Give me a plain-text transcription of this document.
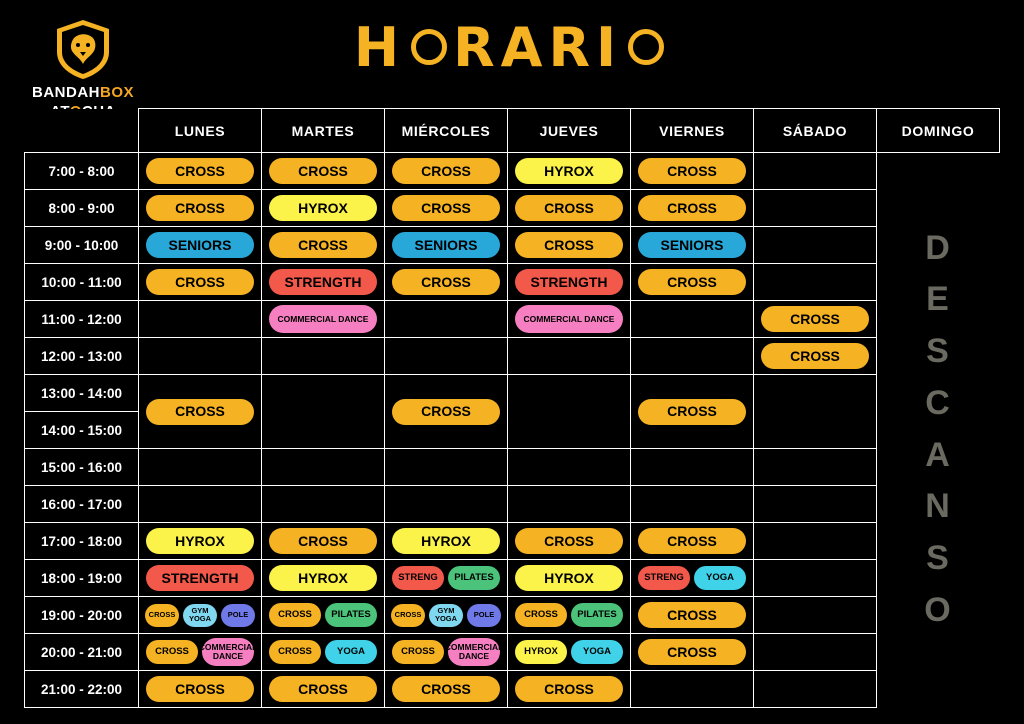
BANDAHBOX
H RARI
	LUNES	MARTES	MIÉRCOLES	JUEVES	VIERNES	SÁBADO	DOMINGO
7:00 - 8:00	CROSS	CROSS	CROSS	HYROX	CROSS		

8:00 - 9:00	CROSS	HYROX	CROSS	CROSS	CROSS		

9:00 - 10:00	SENIORS	CROSS	SENIORS	CROSS	SENIORS		

10:00 - 11:00	CROSS	STRENGTH	CROSS	STRENGTH	CROSS		

11:00 - 12:00		COMMERCIAL DANCE		COMMERCIAL DANCE		CROSS	

12:00 - 13:00						CROSS	

13:00 - 14:00	CROSS		CROSS		CROSS		

14:00 - 15:00							
15:00 - 16:00							
16:00 - 17:00							
17:00 - 18:00	HYROX	CROSS	HYROX	CROSS	CROSS		

18:00 - 19:00	STRENGTH	HYROX	STRENG PILATES	HYROX	STRENG YOGA		

19:00 - 20:00	CROSS GYM YOGA POLE	CROSS PILATES	CROSS GYM YOGA POLE	CROSS PILATES	CROSS		

20:00 - 21:00	CROSS COMMERCIAL DANCE	CROSS YOGA	CROSS COMMERCIAL DANCE	HYROX YOGA	CROSS		

21:00 - 22:00	CROSS	CROSS	CROSS	CROSS			

D
E
S
C
A
N
S
O
